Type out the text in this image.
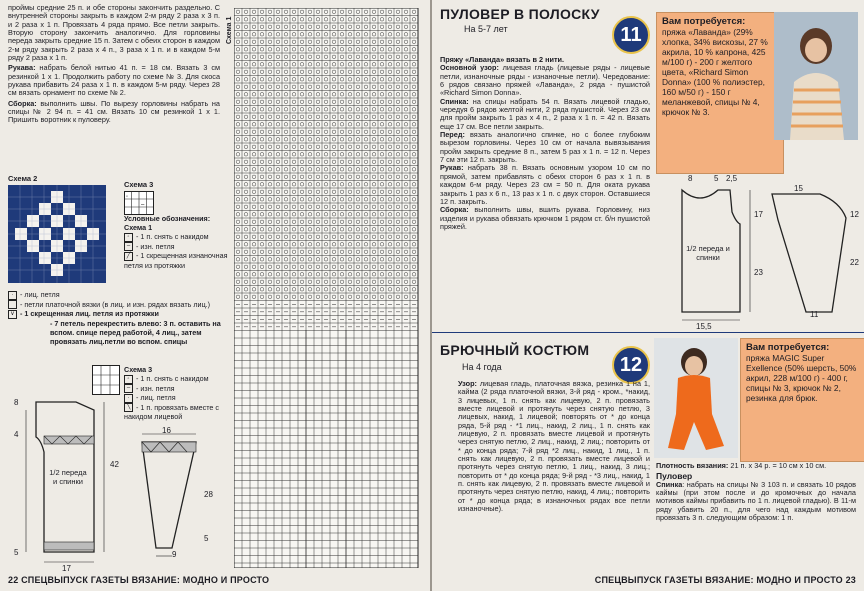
проймы средние 25 п. и обе стороны закончить раздельно. С внутренней стороны закрыть в каждом 2-м ряду 2 раза х 3 п. и 2 раза х 1 п. Провязать 4 ряда прямо. Все петли закрыть. Вторую сторону закончить аналогично. Для горловины переда закрыть средние 15 п. Затем с обеих сторон в каждом 2-м ряду закрыть 2 раза х 4 п., 3 раза х 1 п. и в каждом 5-м ряду 2 раза х 1 п.

Рукава: набрать белой нитью 41 п. = 18 см. Вязать 3 см резинкой 1 х 1. Продолжить работу по схеме № 3. Для скоса рукава прибавить 24 раза х 1 п. в каждом 5-м ряду. Через 28 см вязать орнамент по схеме № 2.

Сборка: выполнить швы. По вырезу горловины набрать на спицы № 2 94 п. = 41 см. Вязать 10 см резинкой 1 х 1. Пришить воротник к пуловеру.

Схема 2
Схема 3
◦
–
Условные обозначения:
Схема 1
◦ - 1 п. снять с накидом
– - изн. петля
╱ - 1 скрещенная изнаночная петля из протяжки
· - лиц. петля
- петли платочной вязки (в лиц. и изн. рядах вязать лиц.)
∨ - 1 скрещенная лиц. петля из протяжки
- 7 петель перекрестить влево: 3 п. оставить на вспом. спице перед работой, 4 лиц., затем провязать лиц.петли во вспом. спицы
Схема 3
◦ - 1 п. снять с накидом
– - изн. петля
· - лиц. петля
╲ - 1 п. провязать вместе с накидом лицевой
8
4
42
5
17
1/2 переда и спинки
16
28
5
9
Схема 1
22 СПЕЦВЫПУСК ГАЗЕТЫ ВЯЗАНИЕ: МОДНО И ПРОСТО
ПУЛОВЕР В ПОЛОСКУ
На 5-7 лет	11

Пряжу «Лаванда» вязать в 2 нити.

Основной узор: лицевая гладь (лицевые ряды - лицевые петли, изнаночные ряды - изнаночные петли). Чередование: 6 рядов связано пряжей «Лаванда», 2 ряда - пушистой «Richard Simon Donna».

Спинка: на спицы набрать 54 п. Вязать лицевой гладью, чередуя 6 рядов желтой нити, 2 ряда пушистой. Через 23 см для пройм закрыть 1 раз х 4 п., 2 раза х 1 п. = 42 п. Вязать еще 17 см. Все петли закрыть.

Перед: вязать аналогично спинке, но с более глубоким вырезом горловины. Через 10 см от начала вывязывания пройм закрыть средние 8 п., затем 5 раз х 1 п. = 12 п. Через 7 см эти 12 п. закрыть.

Рукав: набрать 38 п. Вязать основным узором 10 см по прямой, затем прибавлять с обеих сторон 6 раз х 1 п. в каждом 6-м ряду. Через 23 см = 50 п. Для оката рукава закрыть 1 раз х 6 п., 13 раз х 1 п. с двух сторон. Оставшиеся 12 п. закрыть.

Сборка: выполнить швы, вшить рукава. Горловину, низ изделия и рукава обвязать крючком 1 рядом ст. б/н пушистой пряжей.

Вам потребуется:
пряжа «Лаванда» (29% хлопка, 34% вискозы, 27 % акрила, 10 % капрона, 425 м/100 г) - 200 г желтого цвета, «Richard Simon Donna» (100 % полиэстер, 160 м/50 г) - 150 г меланжевой, спицы № 4, крючок № 3.
8	5 2,5
17
23
15,5
15
12
22
11
1/2 переда и спинки
БРЮЧНЫЙ КОСТЮМ
На 4 года	12

Узор: лицевая гладь, платочная вязка, резинка 1 на 1, кайма (2 ряда платочной вязки, 3-й ряд - кром., *накид, 3 лицевых, 1 п. снять как лицевую, 2 п. провязать вместе лицевой и протянуть через снятую петлю, 3 лицевых, накид, 1 лицевой; повторять от * до конца ряда, 5-й ряд - *1 лиц., накид, 2 лиц., 1 п. снять как лицевую, 2 п. провязать вместе лицевой и протянуть через снятую петлю, 2 лиц., накид, 2 лиц.; повторить от * до конца ряда; 7-й ряд *2 лиц., накид, 1 лиц., 1 п. снять как лицевую, 2 п. провязать вместе лицевой и протянуть через снятую петлю, 1 лиц., накид, 3 лиц.; повторить от * до конца ряда; 9-й ряд - *3 лиц., накид, 1 п. снять как лицевую, 2 п. провязать вместе лицевой и протянуть через снятую петлю, накид, 4 лиц.; повторить от * до конца ряда; в изнаночных рядах все петли изнаночные).

Вам потребуется:
пряжа MAGIC Super Exellence (50% шерсть, 50% акрил, 228 м/100 г) - 400 г, спицы № 3, крючок № 2, резинка для брюк.

Плотность вязания: 21 п. х 34 р. = 10 см х 10 см.

Пуловер

Спинка: набрать на спицы № 3 103 п. и связать 10 рядов каймы (при этом после и до кромочных до начала мотивов каймы прибавить по 1 п. лицевой гладью). В 11-м ряду убавить 20 п., для чего над каждым мотивом провязать 3 п. следующим образом: 1 п.

СПЕЦВЫПУСК ГАЗЕТЫ ВЯЗАНИЕ: МОДНО И ПРОСТО 23
